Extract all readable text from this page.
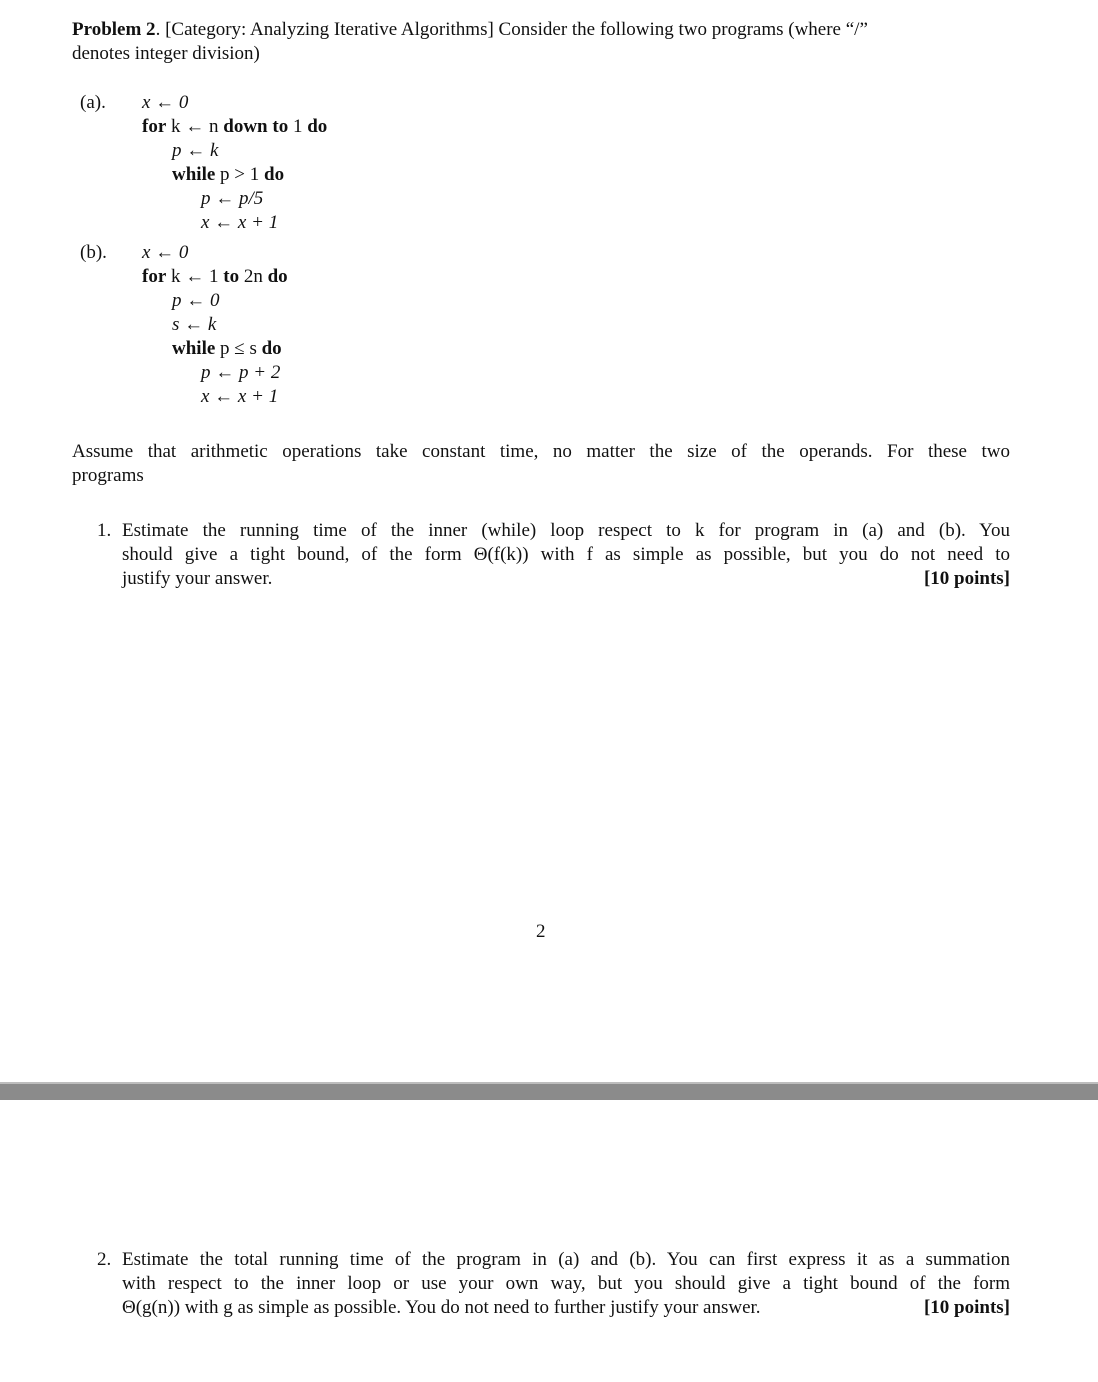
Problem 2. [Category: Analyzing Iterative Algorithms] Consider the following two programs (where “/”
denotes integer division)
(a). x ← 0
for k ← n down to 1 do
p ← k
while p > 1 do
p ← p/5
x ← x + 1
(b). x ← 0
for k ← 1 to 2n do
p ← 0
s ← k
while p ≤ s do
p ← p + 2
x ← x + 1
Assume that arithmetic operations take constant time, no matter the size of the operands. For these two
programs
1. Estimate the running time of the inner (while) loop respect to k for program in (a) and (b). You
should give a tight bound, of the form Θ(f(k)) with f as simple as possible, but you do not need to
justify your answer.	[10 points]
2
2. Estimate the total running time of the program in (a) and (b). You can first express it as a summation
with respect to the inner loop or use your own way, but you should give a tight bound of the form
Θ(g(n)) with g as simple as possible. You do not need to further justify your answer.	[10 points]
